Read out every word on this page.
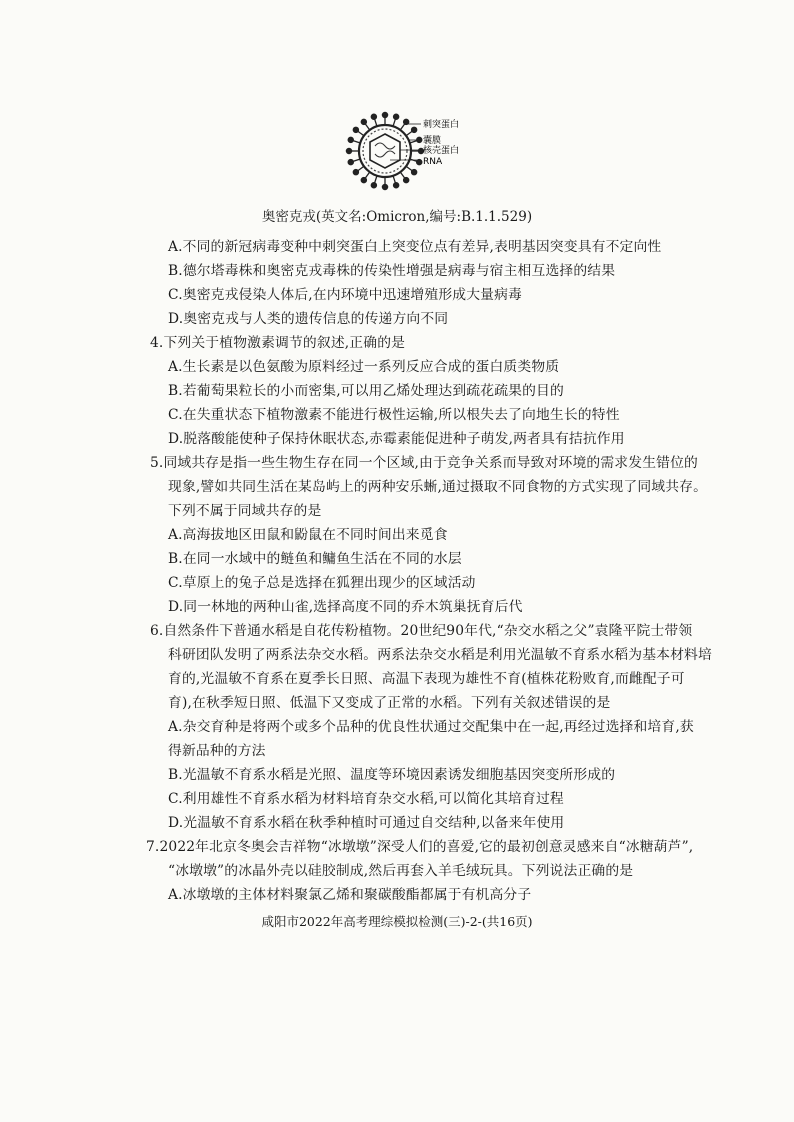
刺突蛋白
囊膜
核壳蛋白
RNA
奥密克戎(英文名:Omicron,编号:B.1.1.529)
A.不同的新冠病毒变种中刺突蛋白上突变位点有差异,表明基因突变具有不定向性
B.德尔塔毒株和奥密克戎毒株的传染性增强是病毒与宿主相互选择的结果
C.奥密克戎侵染人体后,在内环境中迅速增殖形成大量病毒
D.奥密克戎与人类的遗传信息的传递方向不同
4.下列关于植物激素调节的叙述,正确的是
A.生长素是以色氨酸为原料经过一系列反应合成的蛋白质类物质
B.若葡萄果粒长的小而密集,可以用乙烯处理达到疏花疏果的目的
C.在失重状态下植物激素不能进行极性运输,所以根失去了向地生长的特性
D.脱落酸能使种子保持休眠状态,赤霉素能促进种子萌发,两者具有拮抗作用
5.同域共存是指一些生物生存在同一个区域,由于竞争关系而导致对环境的需求发生错位的
现象,譬如共同生活在某岛屿上的两种安乐蜥,通过摄取不同食物的方式实现了同域共存。
下列不属于同域共存的是
A.高海拔地区田鼠和鼢鼠在不同时间出来觅食
B.在同一水域中的鲢鱼和鳙鱼生活在不同的水层
C.草原上的兔子总是选择在狐狸出现少的区域活动
D.同一林地的两种山雀,选择高度不同的乔木筑巢抚育后代
6.自然条件下普通水稻是自花传粉植物。20世纪90年代,“杂交水稻之父”袁隆平院士带领
科研团队发明了两系法杂交水稻。两系法杂交水稻是利用光温敏不育系水稻为基本材料培
育的,光温敏不育系在夏季长日照、高温下表现为雄性不育(植株花粉败育,而雌配子可
育),在秋季短日照、低温下又变成了正常的水稻。下列有关叙述错误的是
A.杂交育种是将两个或多个品种的优良性状通过交配集中在一起,再经过选择和培育,获
得新品种的方法
B.光温敏不育系水稻是光照、温度等环境因素诱发细胞基因突变所形成的
C.利用雄性不育系水稻为材料培育杂交水稻,可以简化其培育过程
D.光温敏不育系水稻在秋季种植时可通过自交结种,以备来年使用
7.2022年北京冬奥会吉祥物“冰墩墩”深受人们的喜爱,它的最初创意灵感来自“冰糖葫芦”,
“冰墩墩”的冰晶外壳以硅胶制成,然后再套入羊毛绒玩具。下列说法正确的是
A.冰墩墩的主体材料聚氯乙烯和聚碳酸酯都属于有机高分子
咸阳市2022年高考理综模拟检测(三)-2-(共16页)
